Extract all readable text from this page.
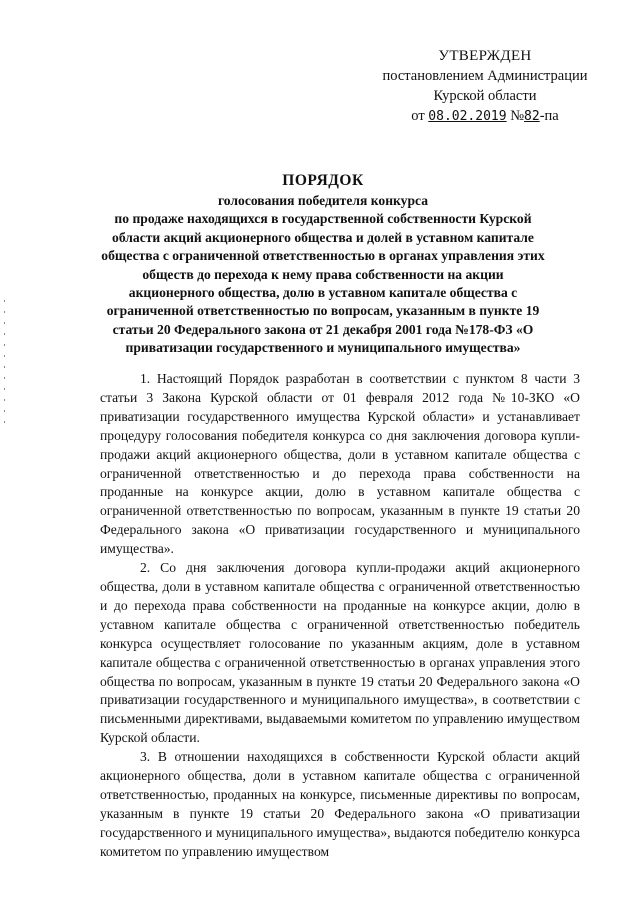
УТВЕРЖДЕН
постановлением Администрации
Курской области
от 08.02.2019 №82-па
ПОРЯДОК
голосования победителя конкурса
по продаже находящихся в государственной собственности Курской области акций акционерного общества и долей в уставном капитале общества с ограниченной ответственностью в органах управления этих обществ до перехода к нему права собственности на акции акционерного общества, долю в уставном капитале общества с ограниченной ответственностью по вопросам, указанным в пункте 19 статьи 20 Федерального закона от 21 декабря 2001 года №178-ФЗ «О приватизации государственного и муниципального имущества»

1. Настоящий Порядок разработан в соответствии с пунктом 8 части 3 статьи 3 Закона Курской области от 01 февраля 2012 года №10-ЗКО «О приватизации государственного имущества Курской области» и устанавливает процедуру голосования победителя конкурса со дня заключения договора купли-продажи акций акционерного общества, доли в уставном капитале общества с ограниченной ответственностью и до перехода права собственности на проданные на конкурсе акции, долю в уставном капитале общества с ограниченной ответственностью по вопросам, указанным в пункте 19 статьи 20 Федерального закона «О приватизации государственного и муниципального имущества».

2. Со дня заключения договора купли-продажи акций акционерного общества, доли в уставном капитале общества с ограниченной ответственностью и до перехода права собственности на проданные на конкурсе акции, долю в уставном капитале общества с ограниченной ответственностью победитель конкурса осуществляет голосование по указанным акциям, доле в уставном капитале общества с ограниченной ответственностью в органах управления этого общества по вопросам, указанным в пункте 19 статьи 20 Федерального закона «О приватизации государственного и муниципального имущества», в соответствии с письменными директивами, выдаваемыми комитетом по управлению имуществом Курской области.

3. В отношении находящихся в собственности Курской области акций акционерного общества, доли в уставном капитале общества с ограниченной ответственностью, проданных на конкурсе, письменные директивы по вопросам, указанным в пункте 19 статьи 20 Федерального закона «О приватизации государственного и муниципального имущества», выдаются победителю конкурса комитетом по управлению имуществом
